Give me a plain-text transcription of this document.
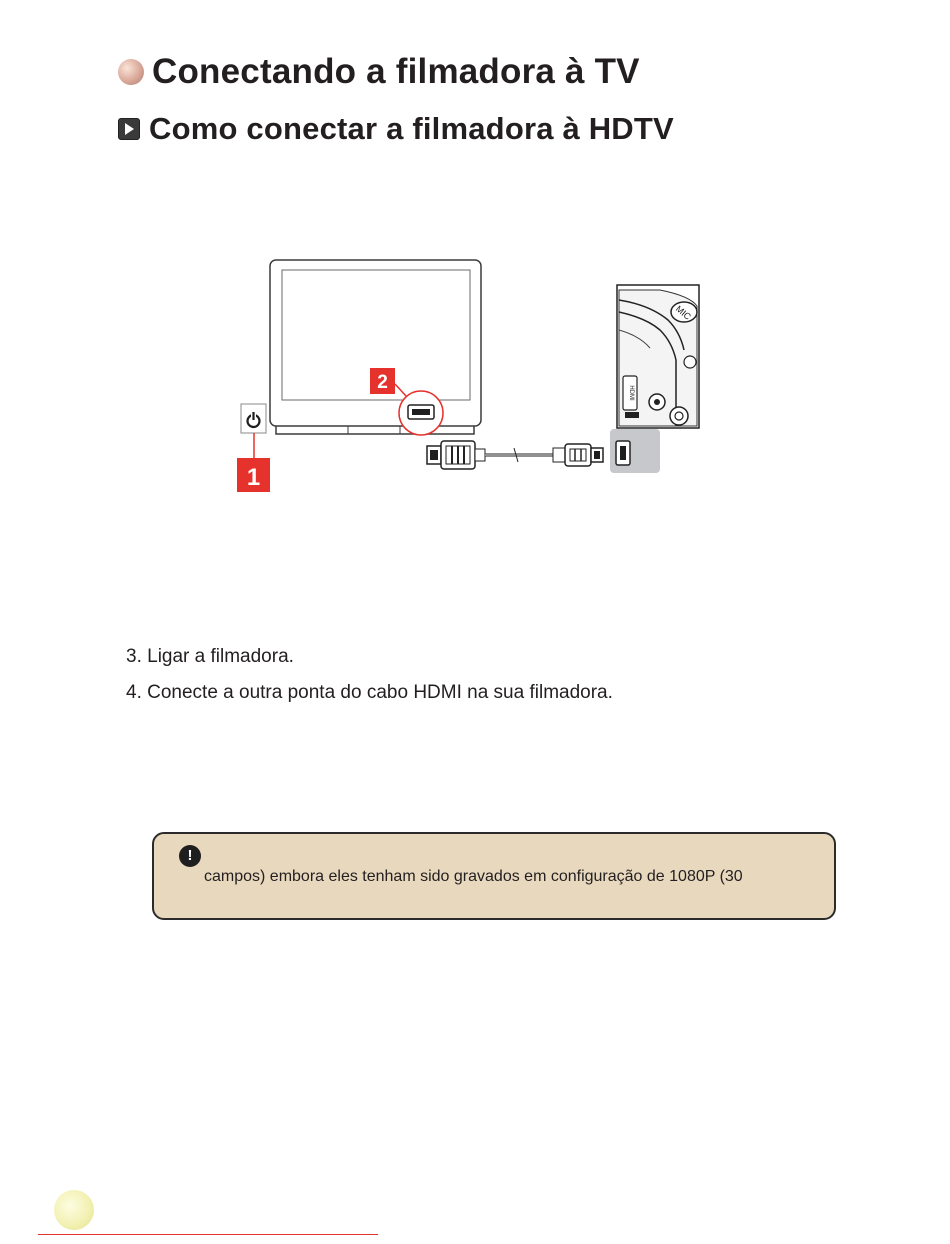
Conectando a filmadora à TV
Como conectar a filmadora à HDTV
1
2
MIC
HDMI
3. Ligar a filmadora.
4. Conecte a outra ponta do cabo HDMI na sua filmadora.
!
campos) embora eles tenham sido gravados em configuração de 1080P (30
